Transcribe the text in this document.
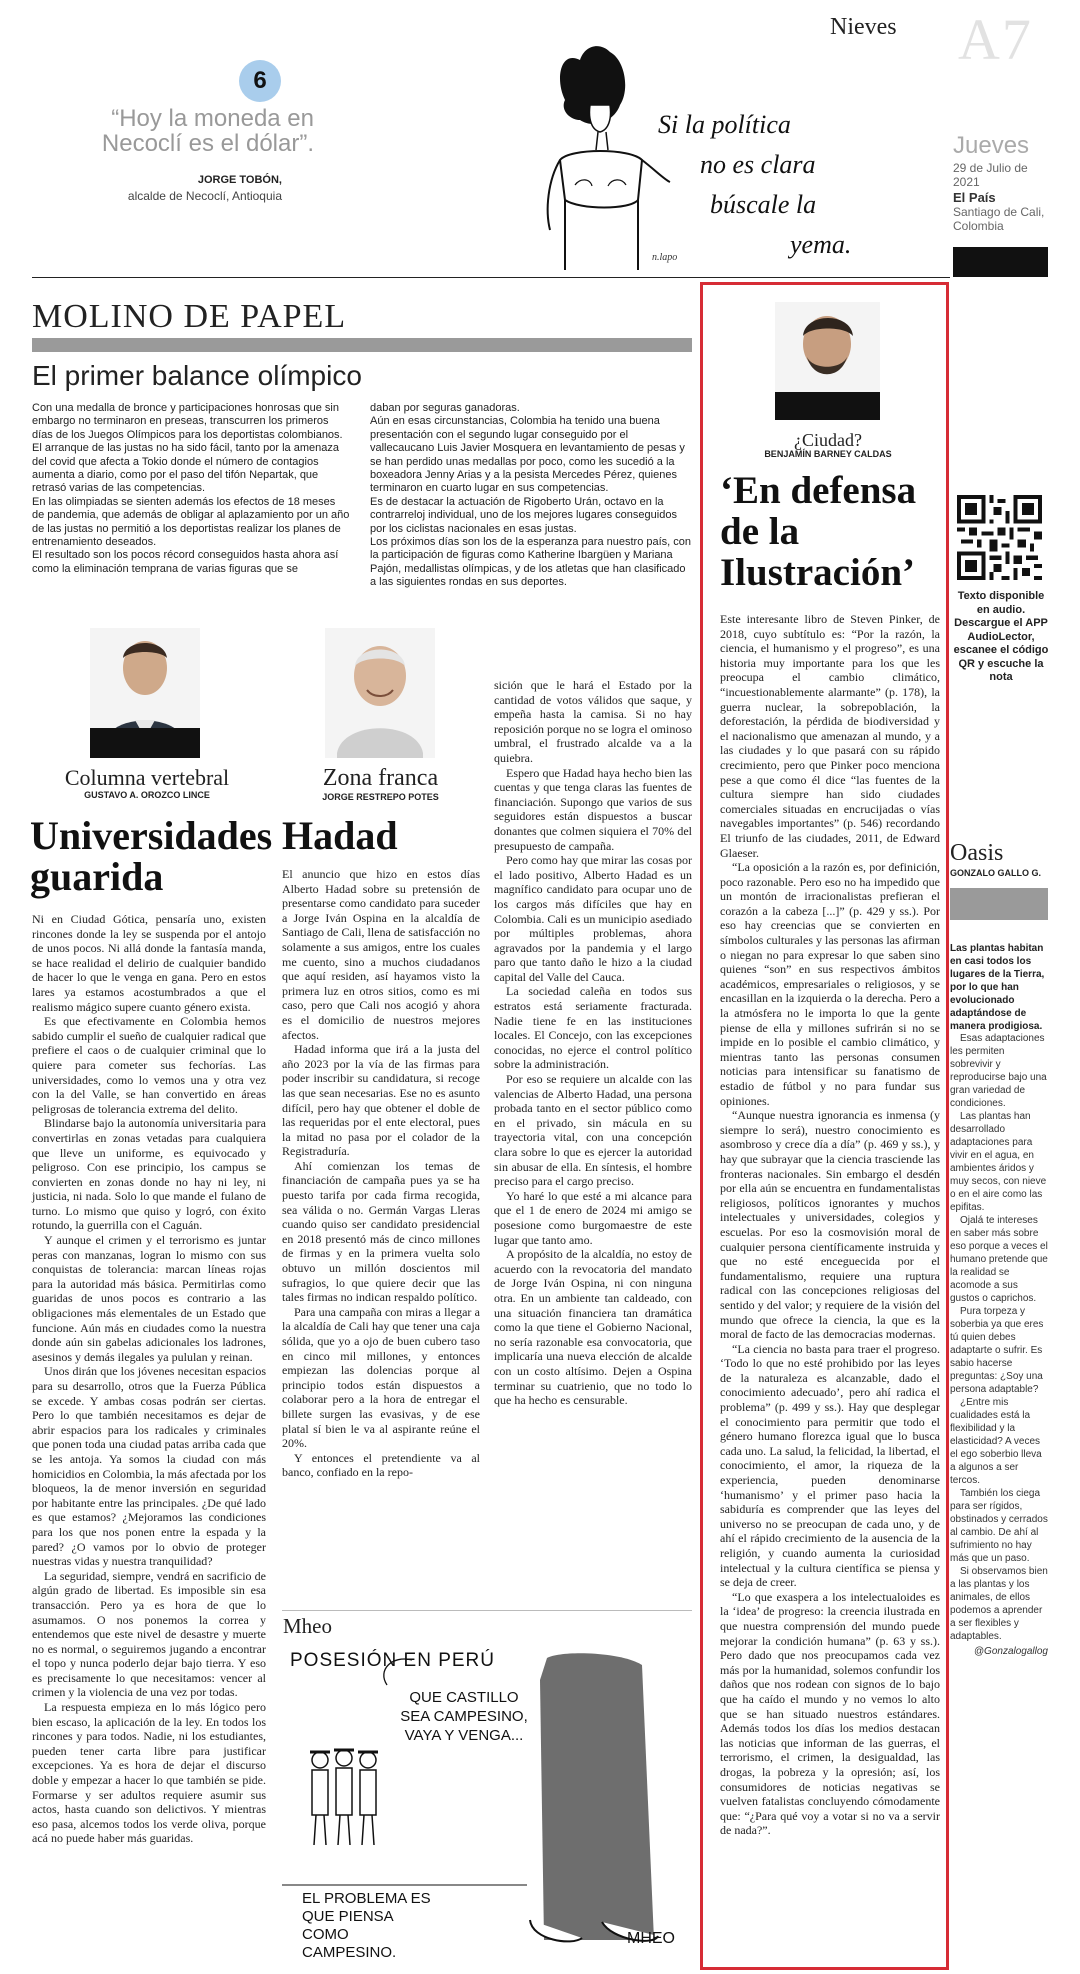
Nieves A7
Jueves
29 de Julio de 2021
El País
Santiago de Cali, Colombia
6
“Hoy la moneda en Necoclí es el dólar”.
JORGE TOBÓN,
alcalde de Necoclí, Antioquia
Si la política
no es clara
búscale la
yema.
n.lapo
MOLINO DE PAPEL
El primer balance olímpico

Con una medalla de bronce y participaciones honrosas que sin embargo no terminaron en preseas, transcurren los primeros días de los Juegos Olímpicos para los deportistas colombianos.

El arranque de las justas no ha sido fácil, tanto por la amenaza del covid que afecta a Tokio donde el número de contagios aumenta a diario, como por el paso del tifón Nepartak, que retrasó varias de las competencias.

En las olimpiadas se sienten además los efectos de 18 meses de pandemia, que además de obligar al aplazamiento por un año de las justas no permitió a los deportistas realizar los planes de entrenamiento deseados.

El resultado son los pocos récord conseguidos hasta ahora así como la eliminación temprana de varias figuras que se

daban por seguras ganadoras.

Aún en esas circunstancias, Colombia ha tenido una buena presentación con el segundo lugar conseguido por el vallecaucano Luis Javier Mosquera en levantamiento de pesas y se han perdido unas medallas por poco, como les sucedió a la boxeadora Jenny Arias y a la pesista Mercedes Pérez, quienes terminaron en cuarto lugar en sus competencias.

Es de destacar la actuación de Rigoberto Urán, octavo en la contrarreloj individual, uno de los mejores lugares conseguidos por los ciclistas nacionales en esas justas.

Los próximos días son los de la esperanza para nuestro país, con la participación de figuras como Katherine Ibargüen y Mariana Pajón, medallistas olímpicas, y de los atletas que han clasificado a las siguientes rondas en sus deportes.

Columna vertebral
GUSTAVO A. OROZCO LINCE
Universidades guarida

Ni en Ciudad Gótica, pensaría uno, existen rincones donde la ley se suspenda por el antojo de unos pocos. Ni allá donde la fantasía manda, se hace realidad el delirio de cualquier bandido de hacer lo que le venga en gana. Pero en estos lares ya estamos acostumbrados a que el realismo mágico supere cuanto género exista.

Es que efectivamente en Colombia hemos sabido cumplir el sueño de cualquier radical que prefiere el caos o de cualquier criminal que lo quiere para cometer sus fechorías. Las universidades, como lo vemos una y otra vez con la del Valle, se han convertido en áreas peligrosas de tolerancia extrema del delito.

Blindarse bajo la autonomía universitaria para convertirlas en zonas vetadas para cualquiera que lleve un uniforme, es equivocado y peligroso. Con ese principio, los campus se convierten en zonas donde no hay ni ley, ni justicia, ni nada. Solo lo que mande el fulano de turno. Lo mismo que quiso y logró, con éxito rotundo, la guerrilla con el Caguán.

Y aunque el crimen y el terrorismo es juntar peras con manzanas, logran lo mismo con sus conquistas de tolerancia: marcan líneas rojas para la autoridad más básica. Permitirlas como guaridas de unos pocos es contrario a las obligaciones más elementales de un Estado que funcione. Aún más en ciudades como la nuestra donde aún sin gabelas adicionales los ladrones, asesinos y demás ilegales ya pululan y reinan.

Unos dirán que los jóvenes necesitan espacios para su desarrollo, otros que la Fuerza Pública se excede. Y ambas cosas podrán ser ciertas. Pero lo que también necesitamos es dejar de abrir espacios para los radicales y criminales que ponen toda una ciudad patas arriba cada que se les antoja. Ya somos la ciudad con más homicidios en Colombia, la más afectada por los bloqueos, la de menor inversión en seguridad por habitante entre las principales. ¿De qué lado es que estamos? ¿Mejoramos las condiciones para los que nos ponen entre la espada y la pared? ¿O vamos por lo obvio de proteger nuestras vidas y nuestra tranquilidad?

La seguridad, siempre, vendrá en sacrificio de algún grado de libertad. Es imposible sin esa transacción. Pero ya es hora de que lo asumamos. O nos ponemos la correa y entendemos que este nivel de desastre y muerte no es normal, o seguiremos jugando a encontrar el topo y nunca poderlo dejar bajo tierra. Y eso es precisamente lo que necesitamos: vencer al crimen y la violencia de una vez por todas.

La respuesta empieza en lo más lógico pero bien escaso, la aplicación de la ley. En todos los rincones y para todos. Nadie, ni los estudiantes, pueden tener carta libre para justificar excepciones. Ya es hora de dejar el discurso doble y empezar a hacer lo que también se pide. Formarse y ser adultos requiere asumir sus actos, hasta cuando son delictivos. Y mientras eso pasa, alcemos todos los verde oliva, porque acá no puede haber más guaridas.

Zona franca
JORGE RESTREPO POTES
Hadad

El anuncio que hizo en estos días Alberto Hadad sobre su pretensión de presentarse como candidato para suceder a Jorge Iván Ospina en la alcaldía de Santiago de Cali, llena de satisfacción no solamente a sus amigos, entre los cuales me cuento, sino a muchos ciudadanos que aquí residen, así hayamos visto la primera luz en otros sitios, como es mi caso, pero que Cali nos acogió y ahora es el domicilio de nuestros mejores afectos.

Hadad informa que irá a la justa del año 2023 por la vía de las firmas para poder inscribir su candidatura, si recoge las que sean necesarias. Ese no es asunto difícil, pero hay que obtener el doble de las requeridas por el ente electoral, pues la mitad no pasa por el colador de la Registraduría.

Ahí comienzan los temas de financiación de campaña pues ya se ha puesto tarifa por cada firma recogida, sea válida o no. Germán Vargas Lleras cuando quiso ser candidato presidencial en 2018 presentó más de cinco millones de firmas y en la primera vuelta solo obtuvo un millón doscientos mil sufragios, lo que quiere decir que las tales firmas no indican respaldo político.

Para una campaña con miras a llegar a la alcaldía de Cali hay que tener una caja sólida, que yo a ojo de buen cubero taso en cinco mil millones, y entonces empiezan las dolencias porque al principio todos están dispuestos a colaborar pero a la hora de entregar el billete surgen las evasivas, y de ese platal sí bien le va al aspirante reúne el 20%.

Y entonces el pretendiente va al banco, confiado en la repo-

sición que le hará el Estado por la cantidad de votos válidos que saque, y empeña hasta la camisa. Si no hay reposición porque no se logra el ominoso umbral, el frustrado alcalde va a la quiebra.

Espero que Hadad haya hecho bien las cuentas y que tenga claras las fuentes de financiación. Supongo que varios de sus seguidores están dispuestos a buscar donantes que colmen siquiera el 70% del presupuesto de campaña.

Pero como hay que mirar las cosas por el lado positivo, Alberto Hadad es un magnífico candidato para ocupar uno de los cargos más difíciles que hay en Colombia. Cali es un municipio asediado por múltiples problemas, ahora agravados por la pandemia y el largo paro que tanto daño le hizo a la ciudad capital del Valle del Cauca.

La sociedad caleña en todos sus estratos está seriamente fracturada. Nadie tiene fe en las instituciones locales. El Concejo, con las excepciones conocidas, no ejerce el control político sobre la administración.

Por eso se requiere un alcalde con las valencias de Alberto Hadad, una persona probada tanto en el sector público como en el privado, sin mácula en su trayectoria vital, con una concepción clara sobre lo que es ejercer la autoridad sin abusar de ella. En síntesis, el hombre preciso para el cargo preciso.

Yo haré lo que esté a mi alcance para que el 1 de enero de 2024 mi amigo se posesione como burgomaestre de este lugar que tanto amo.

A propósito de la alcaldía, no estoy de acuerdo con la revocatoria del mandato de Jorge Iván Ospina, ni con ninguna otra. En un ambiente tan caldeado, con una situación financiera tan dramática como la que tiene el Gobierno Nacional, no sería razonable esa convocatoria, que implicaría una nueva elección de alcalde con un costo altísimo. Dejen a Ospina terminar su cuatrienio, que no todo lo que ha hecho es censurable.

Mheo
POSESIÓN EN PERÚ
QUE CASTILLO SEA CAMPESINO, VAYA Y VENGA...
EL PROBLEMA ES QUE PIENSA COMO CAMPESINO.
MHEO
¿Ciudad?
BENJAMÍN BARNEY CALDAS
‘En defensa de la Ilustración’

Este interesante libro de Steven Pinker, de 2018, cuyo subtítulo es: “Por la razón, la ciencia, el humanismo y el progreso”, es una historia muy importante para los que les preocupa el cambio climático, “incuestionablemente alarmante” (p. 178), la guerra nuclear, la sobrepoblación, la deforestación, la pérdida de biodiversidad y el nacionalismo que amenazan al mundo, y a las ciudades y lo que pasará con su rápido crecimiento, pero que Pinker poco menciona pese a que como él dice “las fuentes de la cultura siempre han sido ciudades comerciales situadas en encrucijadas o vías navegables importantes” (p. 546) recordando El triunfo de las ciudades, 2011, de Edward Glaeser.

“La oposición a la razón es, por definición, poco razonable. Pero eso no ha impedido que un montón de irracionalistas prefieran el corazón a la cabeza [...]” (p. 429 y ss.). Por eso hay creencias que se convierten en símbolos culturales y las personas las afirman o niegan no para expresar lo que saben sino quienes “son” en sus respectivos ámbitos académicos, empresariales o religiosos, y se encasillan en la izquierda o la derecha. Pero a la atmósfera no le importa lo que la gente piense de ella y millones sufrirán si no se impide en lo posible el cambio climático, y mientras tanto las personas consumen noticias para intensificar su fanatismo de estadio de fútbol y no para fundar sus opiniones.

“Aunque nuestra ignorancia es inmensa (y siempre lo será), nuestro conocimiento es asombroso y crece día a día” (p. 469 y ss.), y hay que subrayar que la ciencia trasciende las fronteras nacionales. Sin embargo el desdén por ella aún se encuentra en fundamentalistas religiosos, políticos ignorantes y muchos intelectuales y universidades, colegios y escuelas. Por eso la cosmovisión moral de cualquier persona científicamente instruida y que no esté enceguecida por el fundamentalismo, requiere una ruptura radical con las concepciones religiosas del sentido y del valor; y requiere de la visión del mundo que ofrece la ciencia, la que es la moral de facto de las democracias modernas.

“La ciencia no basta para traer el progreso. ‘Todo lo que no esté prohibido por las leyes de la naturaleza es alcanzable, dado el conocimiento adecuado’, pero ahí radica el problema” (p. 499 y ss.). Hay que desplegar el conocimiento para permitir que todo el género humano florezca igual que lo busca cada uno. La salud, la felicidad, la libertad, el conocimiento, el amor, la riqueza de la experiencia, pueden denominarse ‘humanismo’ y el primer paso hacia la sabiduría es comprender que las leyes del universo no se preocupan de cada uno, y de ahí el rápido crecimiento de la ausencia de la religión, y cuando aumenta la curiosidad intelectual y la cultura científica se piensa y se deja de creer.

“Lo que exaspera a los intelectualoides es la ‘idea’ de progreso: la creencia ilustrada en que nuestra comprensión del mundo puede mejorar la condición humana” (p. 63 y ss.). Pero dado que nos preocupamos cada vez más por la humanidad, solemos confundir los daños que nos rodean con signos de lo bajo que ha caído el mundo y no vemos lo alto que se han situado nuestros estándares. Además todos los días los medios destacan las noticias que informan de las guerras, el terrorismo, el crimen, la desigualdad, las drogas, la pobreza y la opresión; así, los consumidores de noticias negativas se vuelven fatalistas concluyendo cómodamente que: “¿Para qué voy a votar si no va a servir de nada?”.

Texto disponible en audio. Descargue el APP AudioLector, escanee el código QR y escuche la nota
Oasis
GONZALO GALLO G.
Las plantas habitan en casi todos los lugares de la Tierra, por lo que han evolucionado adaptándose de manera prodigiosa.

Esas adaptaciones les permiten sobrevivir y reproducirse bajo una gran variedad de condiciones.

Las plantas han desarrollado adaptaciones para vivir en el agua, en ambientes áridos y muy secos, con nieve o en el aire como las epifitas.

Ojalá te intereses en saber más sobre eso porque a veces el humano pretende que la realidad se acomode a sus gustos o caprichos.

Pura torpeza y soberbia ya que eres tú quien debes adaptarte o sufrir. Es sabio hacerse preguntas: ¿Soy una persona adaptable?

¿Entre mis cualidades está la flexibilidad y la elasticidad? A veces el ego soberbio lleva a algunos a ser tercos.

También los ciega para ser rígidos, obstinados y cerrados al cambio. De ahí al sufrimiento no hay más que un paso.

Si observamos bien a las plantas y los animales, de ellos podemos a aprender a ser flexibles y adaptables.

@Gonzalogallog
